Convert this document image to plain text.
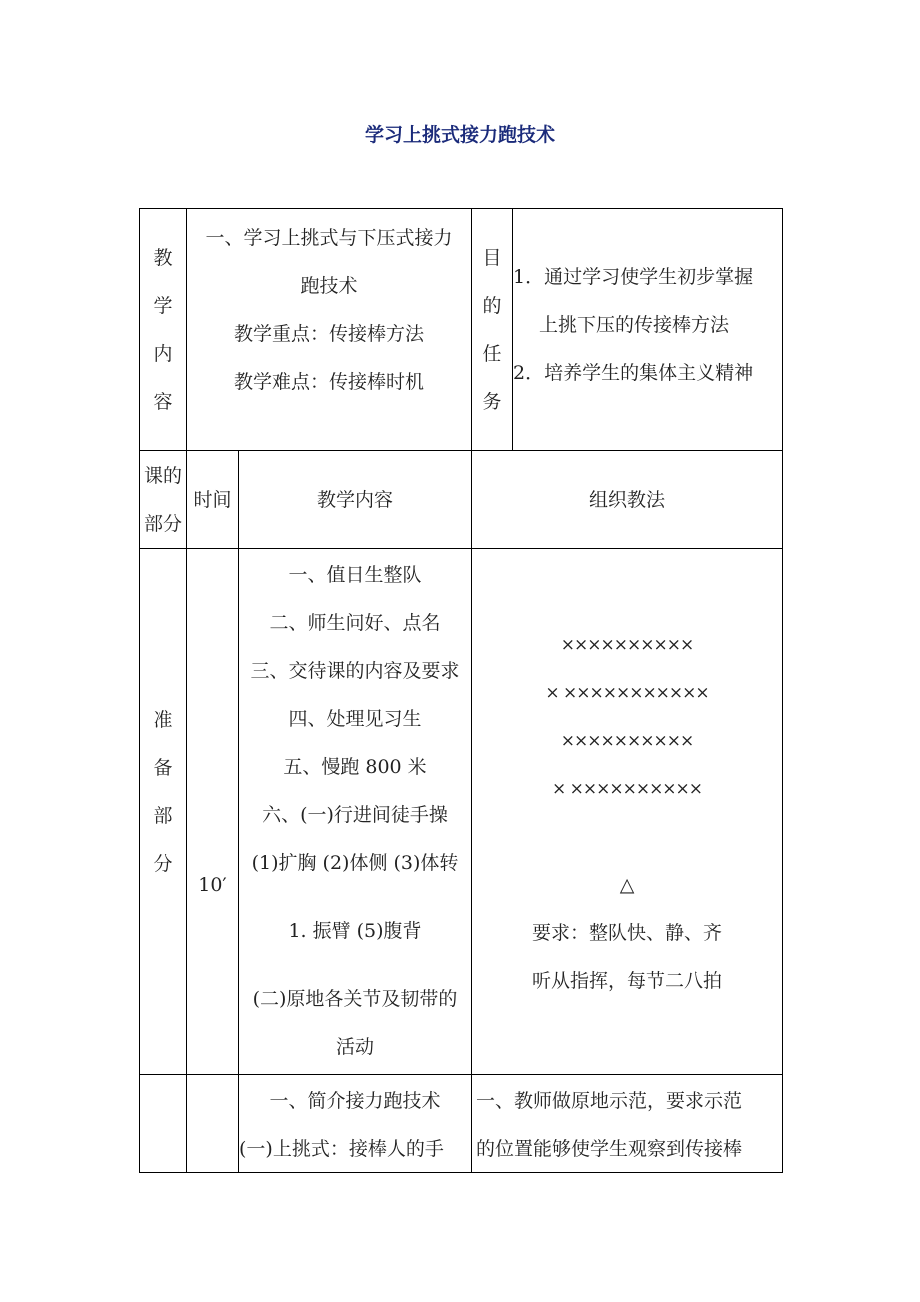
学习上挑式接力跑技术
教
学
内
容
一、学习上挑式与下压式接力
跑技术
教学重点：传接棒方法
教学难点：传接棒时机
目
的
任
务
1．通过学习使学生初步掌握
上挑下压的传接棒方法
2．培养学生的集体主义精神
课的
部分
时间	教学内容	组织教法
准
备
部
分
10′
一、值日生整队
二、师生问好、点名
三、交待课的内容及要求
四、处理见习生
五、慢跑 800 米
六、(一)行进间徒手操
(1)扩胸 (2)体侧 (3)体转
1. 振臂 (5)腹背
(二)原地各关节及韧带的
活动
××××××××××
× ×××××××××××
××××××××××
× ××××××××××
△
要求：整队快、静、齐
听从指挥，每节二八拍
一、简介接力跑技术
(一)上挑式：接棒人的手
一、教师做原地示范，要求示范
的位置能够使学生观察到传接棒
